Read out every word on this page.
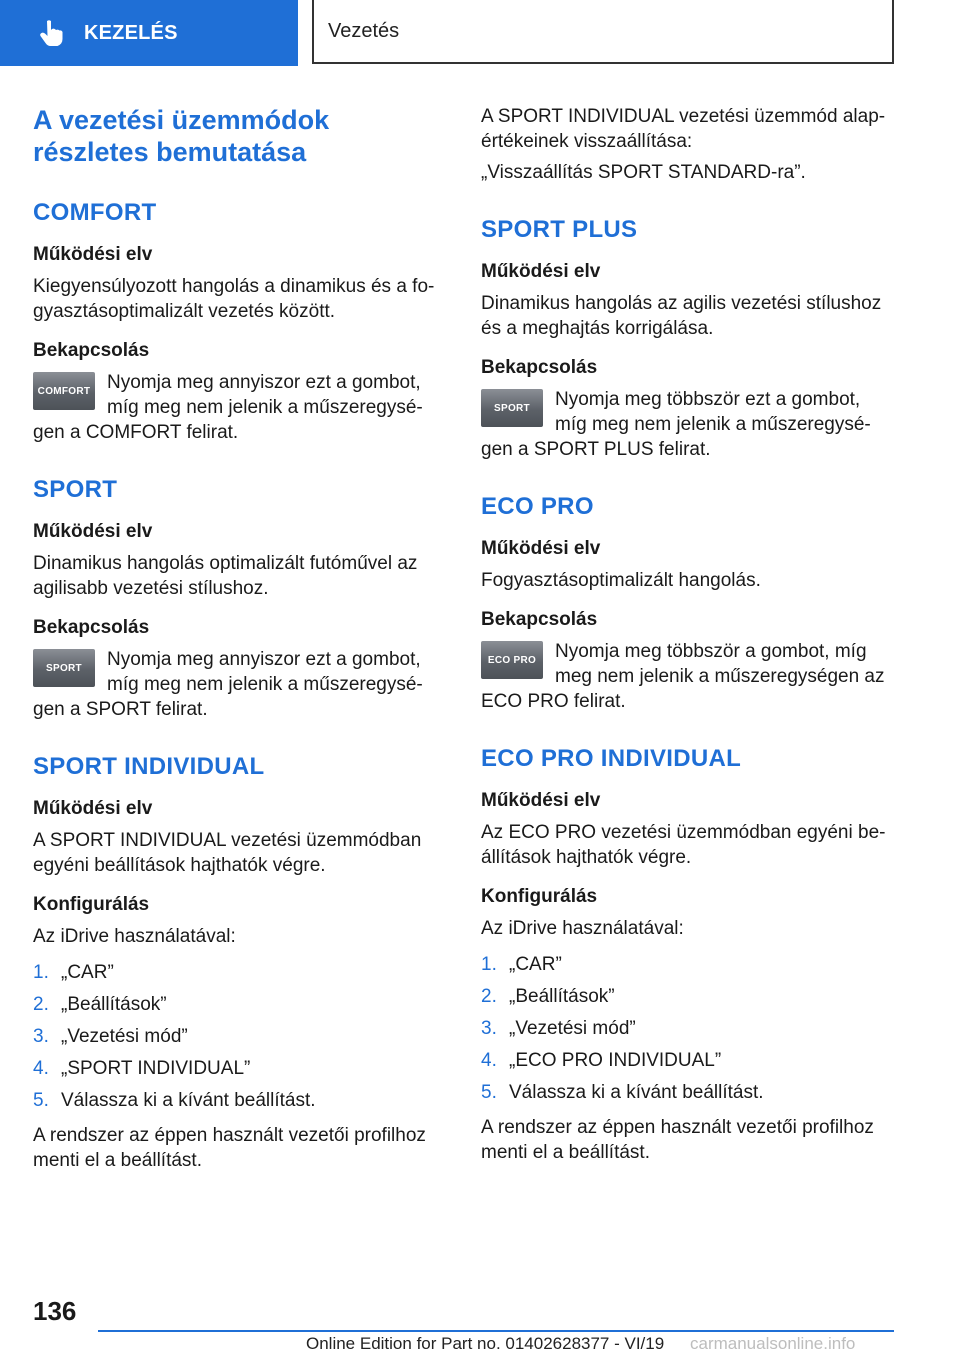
KEZELÉS	Vezetés
A vezetési üzemmódok részletes bemutatása
COMFORT
Működési elv

Kiegyensúlyozott hangolás a dinamikus és a fogyasztásoptimalizált vezetés között.

Bekapcsolás
COMFORT Nyomja meg annyiszor ezt a gombot, míg meg nem jelenik a műszeregységen a COMFORT felirat.
SPORT
Működési elv

Dinamikus hangolás optimalizált futóművel az agilisabb vezetési stílushoz.

Bekapcsolás
SPORT	Nyomja meg annyiszor ezt a gombot, míg meg nem jelenik a műszeregységen a SPORT felirat.
SPORT INDIVIDUAL
Működési elv

A SPORT INDIVIDUAL vezetési üzemmódban egyéni beállítások hajthatók végre.

Konfigurálás

Az iDrive használatával:

1. „CAR”
2. „Beállítások”
3. „Vezetési mód”
4. „SPORT INDIVIDUAL”
5. Válassza ki a kívánt beállítást.

A rendszer az éppen használt vezetői profilhoz menti el a beállítást.

A SPORT INDIVIDUAL vezetési üzemmód alapértékeinek visszaállítása:

„Visszaállítás SPORT STANDARD-ra”.

SPORT PLUS
Működési elv

Dinamikus hangolás az agilis vezetési stílushoz és a meghajtás korrigálása.

Bekapcsolás
SPORT	Nyomja meg többször ezt a gombot, míg meg nem jelenik a műszeregységen a SPORT PLUS felirat.
ECO PRO
Működési elv

Fogyasztásoptimalizált hangolás.

Bekapcsolás
ECO PRO Nyomja meg többször a gombot, míg meg nem jelenik a műszeregységen az ECO PRO felirat.
ECO PRO INDIVIDUAL
Működési elv

Az ECO PRO vezetési üzemmódban egyéni beállítások hajthatók végre.

Konfigurálás

Az iDrive használatával:

1. „CAR”
2. „Beállítások”
3. „Vezetési mód”
4. „ECO PRO INDIVIDUAL”
5. Válassza ki a kívánt beállítást.

A rendszer az éppen használt vezetői profilhoz menti el a beállítást.

136
Online Edition for Part no. 01402628377 - VI/19 carmanualsonline.info
